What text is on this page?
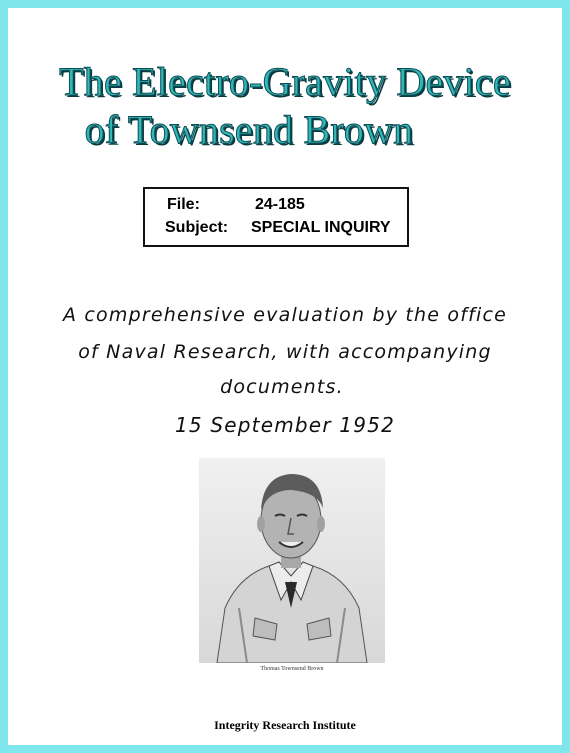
The Electro-Gravity Device
of Townsend Brown
File:	24-185
Subject: SPECIAL INQUIRY
A comprehensive evaluation by the office
of Naval Research, with accompanying
documents.
15 September 1952
Thomas Townsend Brown
Integrity Research Institute
